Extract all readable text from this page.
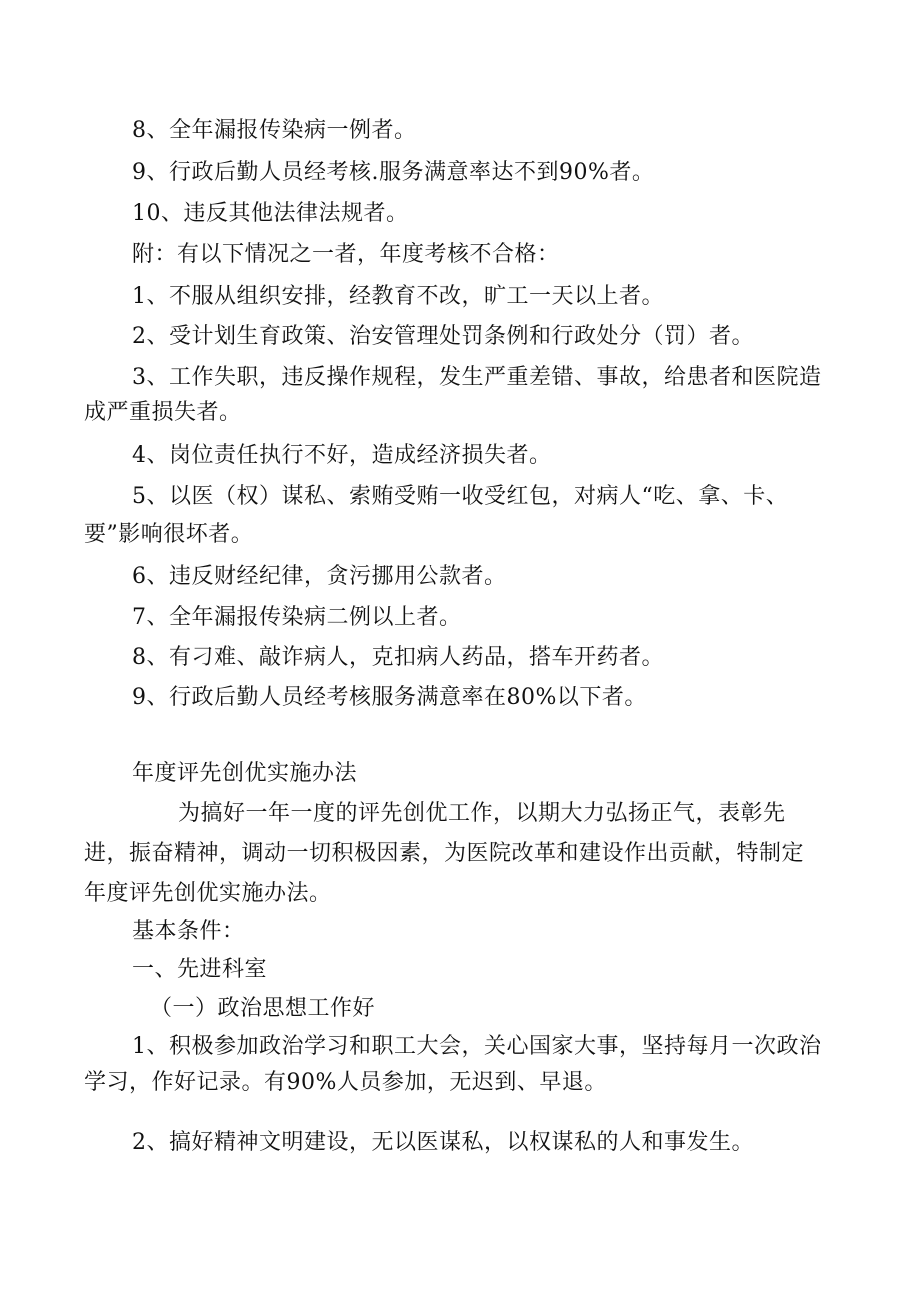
8、全年漏报传染病一例者。
9、行政后勤人员经考核.服务满意率达不到90%者。
10、违反其他法律法规者。
附：有以下情况之一者，年度考核不合格：
1、不服从组织安排，经教育不改，旷工一天以上者。
2、受计划生育政策、治安管理处罚条例和行政处分（罚）者。
3、工作失职，违反操作规程，发生严重差错、事故，给患者和医院造
成严重损失者。
4、岗位责任执行不好，造成经济损失者。
5、以医（权）谋私、索贿受贿一收受红包，对病人“吃、拿、卡、
要”影响很坏者。
6、违反财经纪律，贪污挪用公款者。
7、全年漏报传染病二例以上者。
8、有刁难、敲诈病人，克扣病人药品，搭车开药者。
9、行政后勤人员经考核服务满意率在80%以下者。
年度评先创优实施办法
为搞好一年一度的评先创优工作，以期大力弘扬正气，表彰先
进，振奋精神，调动一切积极因素，为医院改革和建设作出贡献，特制定
年度评先创优实施办法。
基本条件：
一、先进科室
（一）政治思想工作好
1、积极参加政治学习和职工大会，关心国家大事，坚持每月一次政治
学习，作好记录。有90%人员参加，无迟到、早退。
2、搞好精神文明建设，无以医谋私，以权谋私的人和事发生。
